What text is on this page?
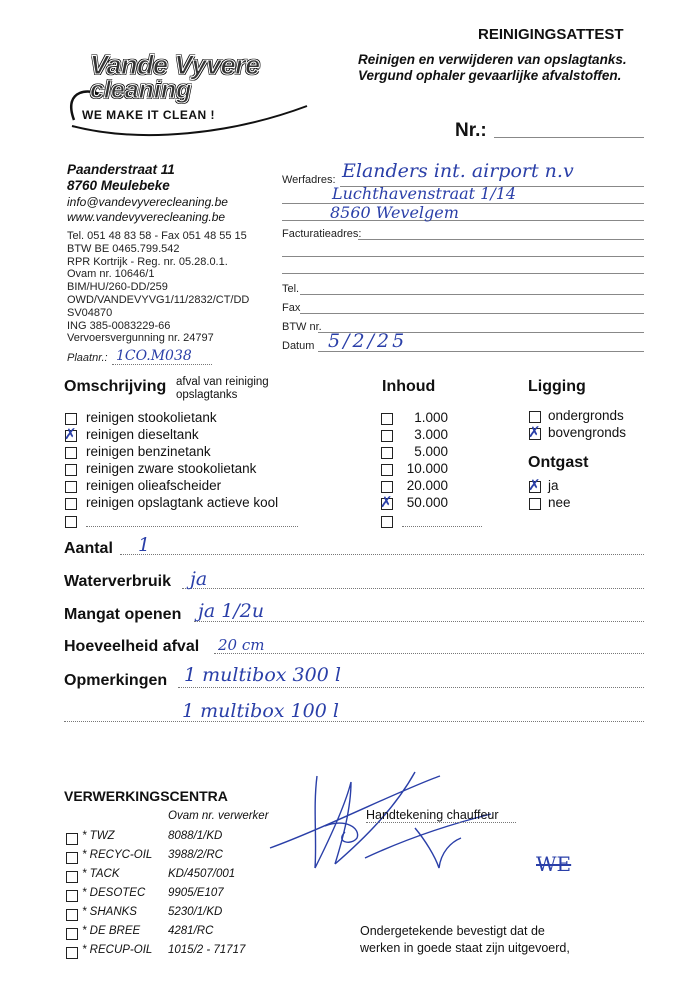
REINIGINGSATTEST
Reinigen en verwijderen van opslagtanks.
Vergund ophaler gevaarlijke afvalstoffen.
Nr.:
Vande Vyvere
cleaning
WE MAKE IT CLEAN !
Paanderstraat 11
8760 Meulebeke
info@vandevyverecleaning.be
www.vandevyverecleaning.be
Tel. 051 48 83 58 - Fax 051 48 55 15
BTW BE 0465.799.542
RPR Kortrijk - Reg. nr. 05.28.0.1.
Ovam nr. 10646/1
BIM/HU/260-DD/259
OWD/VANDEVYVG1/11/2832/CT/DD
SV04870
ING 385-0083229-66
Vervoersvergunning nr. 24797
Plaatnr.: 1CO.M038
Werfadres: Elanders int. airport n.v
Luchthavenstraat 1/14
8560 Wevelgem
Facturatieadres:
Tel.
Fax
BTW nr.
Datum 5/2/25
Omschrijving afval van reiniging opslagtanks
reinigen stookolietank
✗ reinigen dieseltank
reinigen benzinetank
reinigen zware stookolietank
reinigen olieafscheider
reinigen opslagtank actieve kool
Inhoud
1.000
3.000
5.000
10.000
20.000
✗ 50.000
Ligging
ondergronds
✗ bovengronds
Ontgast
✗ ja
nee
Aantal 1
Waterverbruik ja
Mangat openen ja 1/2u
Hoeveelheid afval 20 cm
Opmerkingen 1 multibox 300 l
1 multibox 100 l
VERWERKINGSCENTRA
Ovam nr. verwerker
* TWZ	8088/1/KD
* RECYC-OIL 3988/2/RC
* TACK	KD/4507/001
* DESOTEC 9905/E107
* SHANKS	5230/1/KD
* DE BREE 4281/RC
* RECUP-OIL 1015/2 - 71717
Handtekening chauffeur
WE
Ondergetekende bevestigt dat de
werken in goede staat zijn uitgevoerd,
